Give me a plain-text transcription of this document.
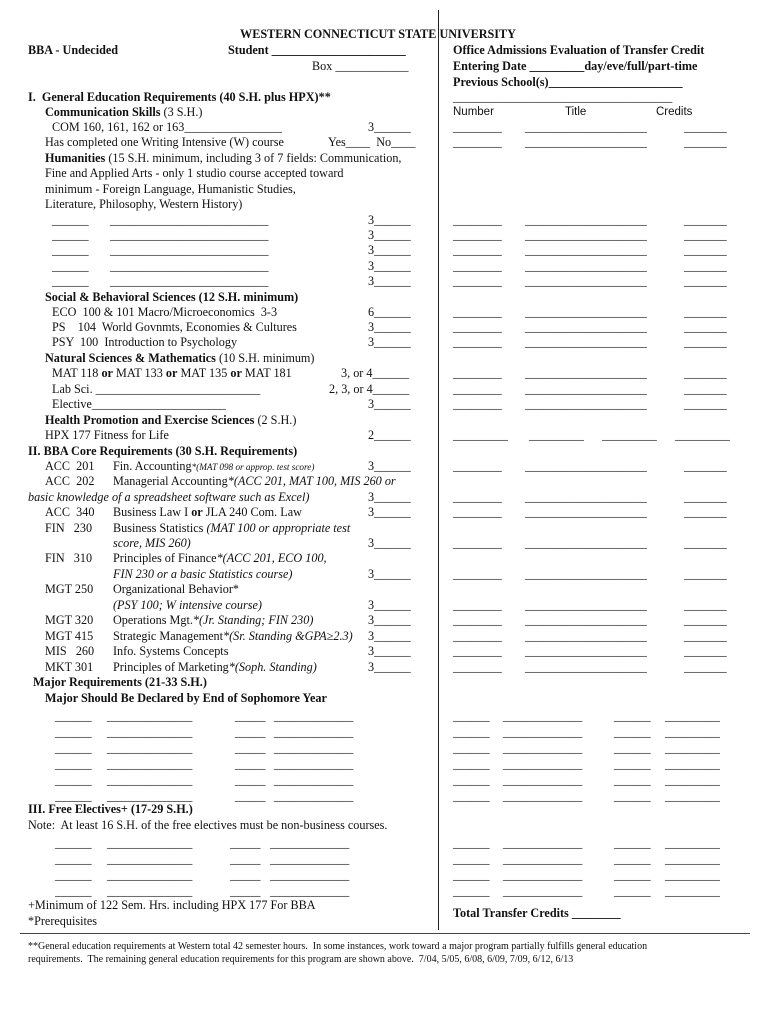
WESTERN CONNECTICUT STATE UNIVERSITY
BBA - Undecided	Student ______________________
Box ____________
Office Admissions Evaluation of Transfer Credit
Entering Date _________day/eve/full/part-time
Previous School(s)______________________
____________________________________
Number	Title	Credits
I.  General Education Requirements (40 S.H. plus HPX)**
Communication Skills (3 S.H.)
COM 160, 161, 162 or 163________________	3______
Has completed one Writing Intensive (W) course	Yes____  No____
Humanities (15 S.H. minimum, including 3 of 7 fields: Communication,
Fine and Applied Arts - only 1 studio course accepted toward
minimum - Foreign Language, Humanistic Studies,
Literature, Philosophy, Western History)
______ __________________________	3______
______ __________________________	3______
______ __________________________	3______
______ __________________________	3______
______ __________________________	3______
Social & Behavioral Sciences (12 S.H. minimum)
ECO  100 & 101 Macro/Microeconomics  3-3	6______
PS    104  World Govnmts, Economies & Cultures	3______
PSY  100  Introduction to Psychology	3______
Natural Sciences & Mathematics (10 S.H. minimum)
MAT 118 or MAT 133 or MAT 135 or MAT 181	3, or 4______
Lab Sci. ___________________________	2, 3, or 4______
Elective______________________	3______
Health Promotion and Exercise Sciences (2 S.H.)
HPX 177 Fitness for Life	2______
II. BBA Core Requirements (30 S.H. Requirements)
ACC  201 Fin. Accounting*(MAT 098 or approp. test score)	3______
ACC  202 Managerial Accounting*(ACC 201, MAT 100, MIS 260 or
basic knowledge of a spreadsheet software such as Excel)	3______
ACC  340 Business Law I or JLA 240 Com. Law	3______
FIN   230 Business Statistics (MAT 100 or appropriate test
score, MIS 260)	3______
FIN   310 Principles of Finance*(ACC 201, ECO 100,
FIN 230 or a basic Statistics course)	3______
MGT 250 Organizational Behavior*
(PSY 100; W intensive course)	3______
MGT 320 Operations Mgt.*(Jr. Standing; FIN 230)	3______
MGT 415 Strategic Management*(Sr. Standing &GPA≥2.3) 3______
MIS   260 Info. Systems Concepts	3______
MKT 301 Principles of Marketing*(Soph. Standing)	3______
Major Requirements (21-33 S.H.)
Major Should Be Declared by End of Sophomore Year
______ ______________	_____ _____________
______ ______________	_____ _____________
______ ______________	_____ _____________
______ ______________	_____ _____________
______ ______________	_____ _____________
______ ______________	_____ _____________
III. Free Electives+ (17-29 S.H.)
Note:  At least 16 S.H. of the free electives must be non-business courses.
______ ______________	_____ _____________
______ ______________	_____ _____________
______ ______________	_____ _____________
______ ______________	_____ _____________
+Minimum of 122 Sem. Hrs. including HPX 177 For BBA
*Prerequisites
Total Transfer Credits ________
**General education requirements at Western total 42 semester hours.  In some instances, work toward a major program partially fulfills general education
requirements.  The remaining general education requirements for this program are shown above.  7/04, 5/05, 6/08, 6/09, 7/09, 6/12, 6/13
________ ____________________	_______
________ ____________________	_______
________ ____________________	_______
________ ____________________	_______
________ ____________________	_______
________ ____________________	_______
________ ____________________	_______
________ ____________________	_______
________ ____________________	_______
________ ____________________	_______
________ ____________________	_______
________ ____________________	_______
________ ____________________	_______
_________ _________ _________ _________
________ ____________________	_______
________ ____________________	_______
________ ____________________	_______
________ ____________________	_______
________ ____________________	_______
________ ____________________	_______
________ ____________________	_______
________ ____________________	_______
________ ____________________	_______
________ ____________________	_______
______ _____________	______ _________
______ _____________	______ _________
______ _____________	______ _________
______ _____________	______ _________
______ _____________	______ _________
______ _____________	______ _________
______ _____________	______ _________
______ _____________	______ _________
______ _____________	______ _________
______ _____________	______ _________
